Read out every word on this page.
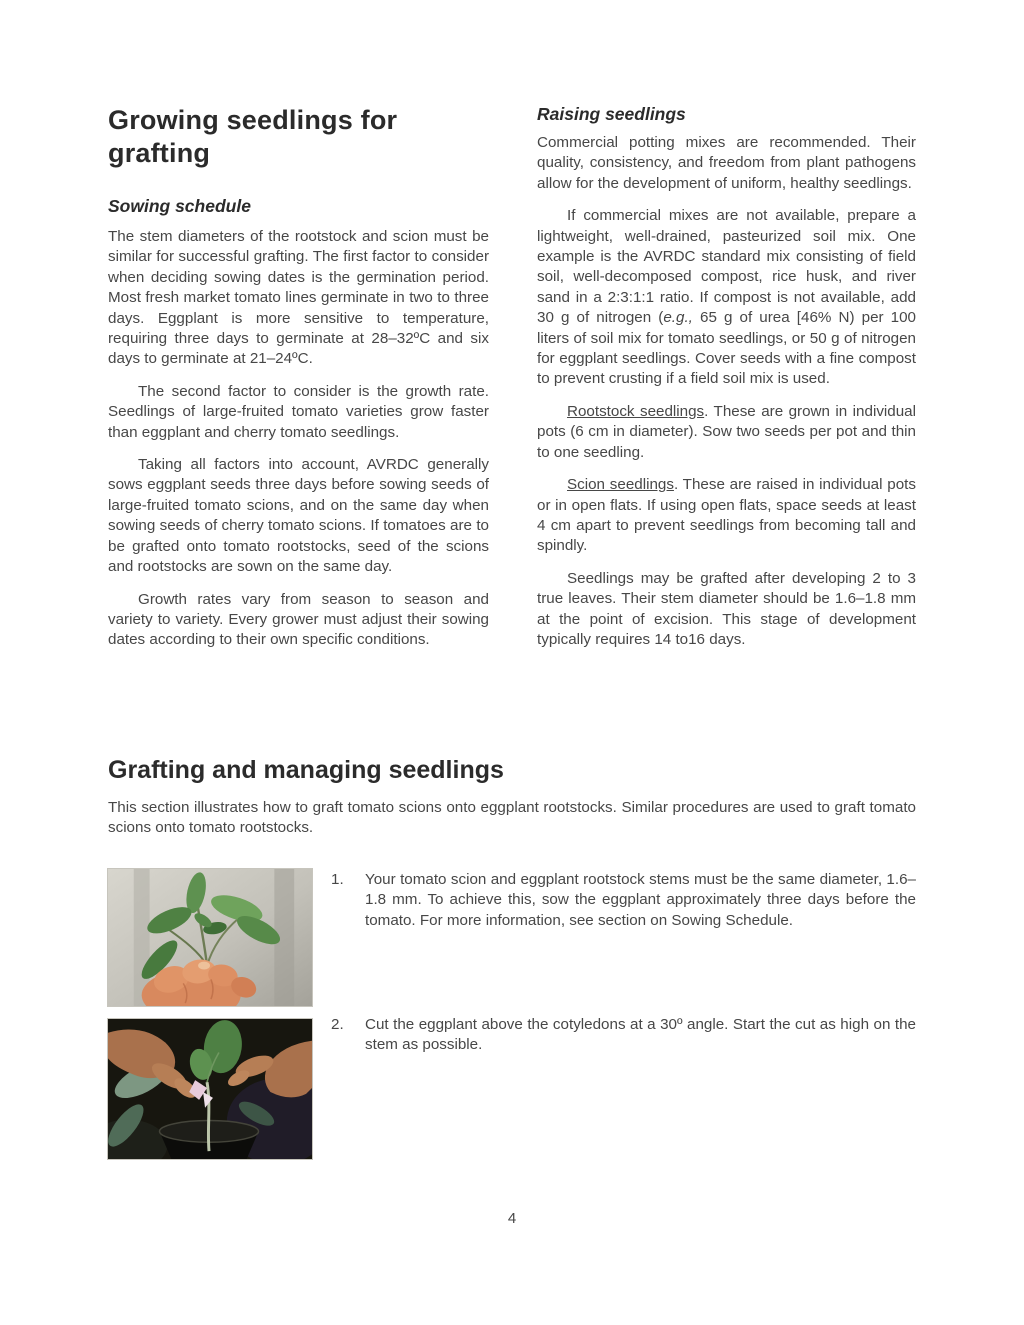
Growing seedlings for grafting
Sowing schedule

The stem diameters of the rootstock and scion must be similar for successful grafting. The first factor to consider when deciding sowing dates is the germination period. Most fresh market tomato lines germinate in two to three days. Eggplant is more sensitive to temperature, requiring three days to germinate at 28–32ºC and six days to germinate at 21–24ºC.

The second factor to consider is the growth rate. Seedlings of large-fruited tomato varieties grow faster than eggplant and cherry tomato seedlings.

Taking all factors into account, AVRDC generally sows eggplant seeds three days before sowing seeds of large-fruited tomato scions, and on the same day when sowing seeds of cherry tomato scions. If tomatoes are to be grafted onto tomato rootstocks, seed of the scions and rootstocks are sown on the same day.

Growth rates vary from season to season and variety to variety. Every grower must adjust their sowing dates according to their own specific conditions.

Raising seedlings

Commercial potting mixes are recommended. Their quality, consistency, and freedom from plant pathogens allow for the development of uniform, healthy seedlings.

If commercial mixes are not available, prepare a lightweight, well-drained, pasteurized soil mix. One example is the AVRDC standard mix consisting of field soil, well-decomposed compost, rice husk, and river sand in a 2:3:1:1 ratio. If compost is not available, add 30 g of nitrogen (e.g., 65 g of urea [46% N) per 100 liters of soil mix for tomato seedlings, or 50 g of nitrogen for eggplant seedlings. Cover seeds with a fine compost to prevent crusting if a field soil mix is used.

Rootstock seedlings. These are grown in individual pots (6 cm in diameter). Sow two seeds per pot and thin to one seedling.

Scion seedlings. These are raised in individual pots or in open flats. If using open flats, space seeds at least 4 cm apart to prevent seedlings from becoming tall and spindly.

Seedlings may be grafted after developing 2 to 3 true leaves. Their stem diameter should be 1.6–1.8 mm at the point of excision. This stage of development typically requires 14 to16 days.

Grafting and managing seedlings
This section illustrates how to graft tomato scions onto eggplant rootstocks. Similar procedures are used to graft tomato scions onto tomato rootstocks.
1. Your tomato scion and eggplant rootstock stems must be the same diameter, 1.6–1.8 mm. To achieve this, sow the eggplant approximately three days before the tomato. For more information, see section on Sowing Schedule.
2. Cut the eggplant above the cotyledons at a 30º angle. Start the cut as high on the stem as possible.
4
